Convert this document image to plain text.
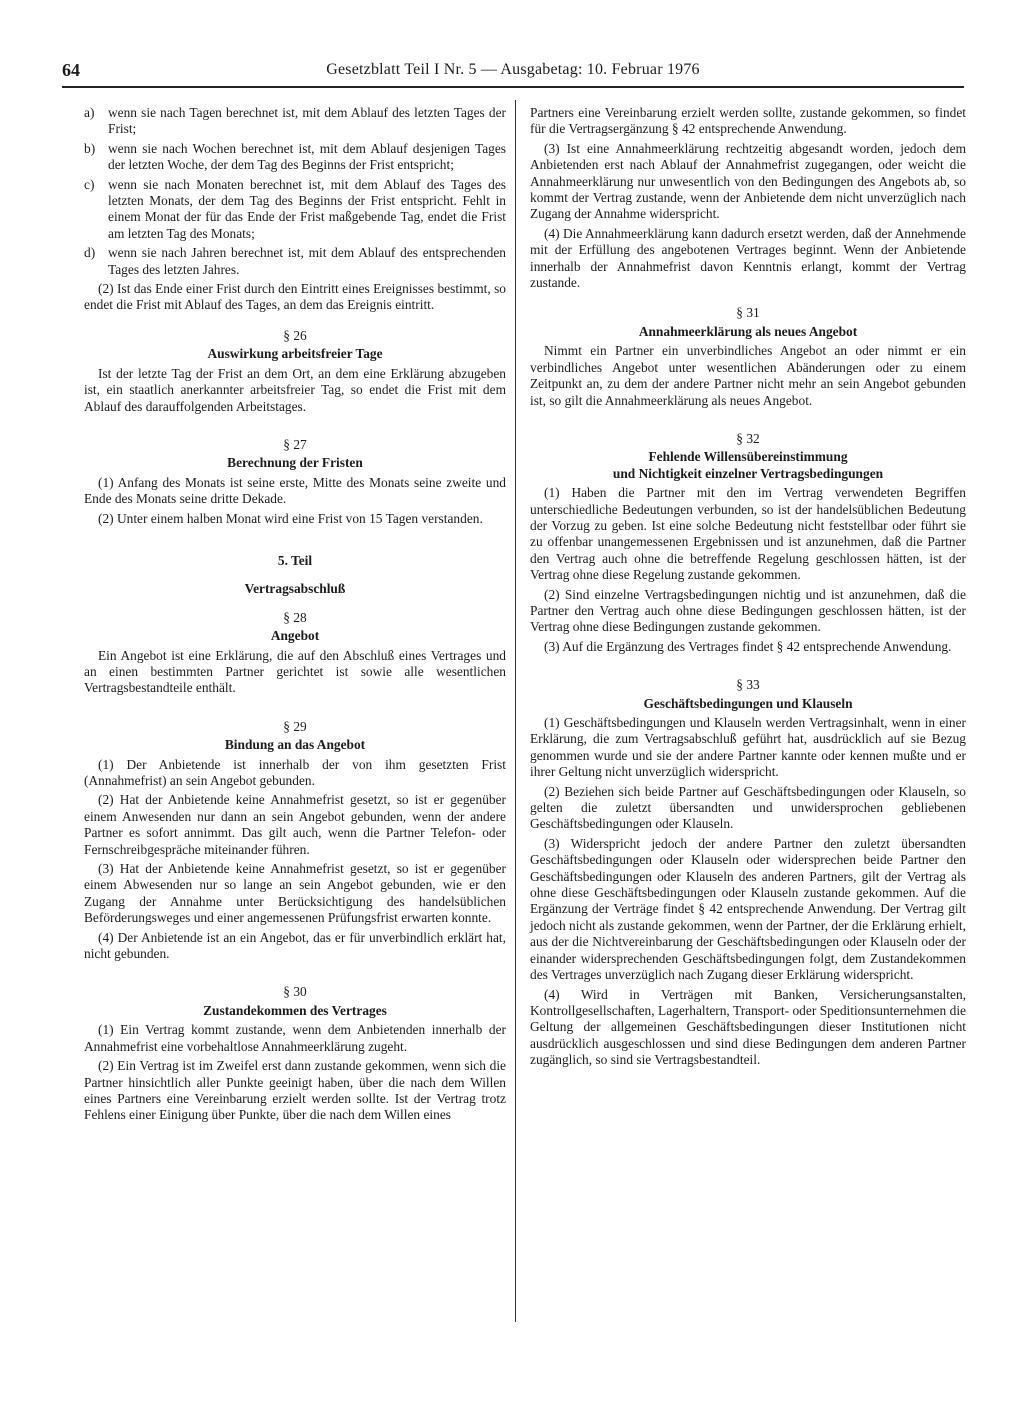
64	Gesetzblatt Teil I Nr. 5 — Ausgabetag: 10. Februar 1976
a)	wenn sie nach Tagen berechnet ist, mit dem Ablauf des letzten Tages der Frist;
b) wenn sie nach Wochen berechnet ist, mit dem Ablauf desjenigen Tages der letzten Woche, der dem Tag des Beginns der Frist entspricht;
c)	wenn sie nach Monaten berechnet ist, mit dem Ablauf des Tages des letzten Monats, der dem Tag des Beginns der Frist entspricht. Fehlt in einem Monat der für das Ende der Frist maßgebende Tag, endet die Frist am letzten Tag des Monats;
d) wenn sie nach Jahren berechnet ist, mit dem Ablauf des entsprechenden Tages des letzten Jahres.

(2) Ist das Ende einer Frist durch den Eintritt eines Ereignisses bestimmt, so endet die Frist mit Ablauf des Tages, an dem das Ereignis eintritt.

§ 26
Auswirkung arbeitsfreier Tage

Ist der letzte Tag der Frist an dem Ort, an dem eine Erklärung abzugeben ist, ein staatlich anerkannter arbeitsfreier Tag, so endet die Frist mit dem Ablauf des darauffolgenden Arbeitstages.

§ 27
Berechnung der Fristen

(1) Anfang des Monats ist seine erste, Mitte des Monats seine zweite und Ende des Monats seine dritte Dekade.

(2) Unter einem halben Monat wird eine Frist von 15 Tagen verstanden.

5. Teil
Vertragsabschluß
§ 28
Angebot

Ein Angebot ist eine Erklärung, die auf den Abschluß eines Vertrages und an einen bestimmten Partner gerichtet ist sowie alle wesentlichen Vertragsbestandteile enthält.

§ 29
Bindung an das Angebot

(1) Der Anbietende ist innerhalb der von ihm gesetzten Frist (Annahmefrist) an sein Angebot gebunden.

(2) Hat der Anbietende keine Annahmefrist gesetzt, so ist er gegenüber einem Anwesenden nur dann an sein Angebot gebunden, wenn der andere Partner es sofort annimmt. Das gilt auch, wenn die Partner Telefon- oder Fernschreibgespräche miteinander führen.

(3) Hat der Anbietende keine Annahmefrist gesetzt, so ist er gegenüber einem Abwesenden nur so lange an sein Angebot gebunden, wie er den Zugang der Annahme unter Berücksichtigung des handelsüblichen Beförderungsweges und einer angemessenen Prüfungsfrist erwarten konnte.

(4) Der Anbietende ist an ein Angebot, das er für unverbindlich erklärt hat, nicht gebunden.

§ 30
Zustandekommen des Vertrages

(1) Ein Vertrag kommt zustande, wenn dem Anbietenden innerhalb der Annahmefrist eine vorbehaltlose Annahmeerklärung zugeht.

(2) Ein Vertrag ist im Zweifel erst dann zustande gekommen, wenn sich die Partner hinsichtlich aller Punkte geeinigt haben, über die nach dem Willen eines Partners eine Vereinbarung erzielt werden sollte. Ist der Vertrag trotz Fehlens einer Einigung über Punkte, über die nach dem Willen eines

Partners eine Vereinbarung erzielt werden sollte, zustande gekommen, so findet für die Vertragsergänzung § 42 entsprechende Anwendung.

(3) Ist eine Annahmeerklärung rechtzeitig abgesandt worden, jedoch dem Anbietenden erst nach Ablauf der Annahmefrist zugegangen, oder weicht die Annahmeerklärung nur unwesentlich von den Bedingungen des Angebots ab, so kommt der Vertrag zustande, wenn der Anbietende dem nicht unverzüglich nach Zugang der Annahme widerspricht.

(4) Die Annahmeerklärung kann dadurch ersetzt werden, daß der Annehmende mit der Erfüllung des angebotenen Vertrages beginnt. Wenn der Anbietende innerhalb der Annahmefrist davon Kenntnis erlangt, kommt der Vertrag zustande.

§ 31
Annahmeerklärung als neues Angebot

Nimmt ein Partner ein unverbindliches Angebot an oder nimmt er ein verbindliches Angebot unter wesentlichen Abänderungen oder zu einem Zeitpunkt an, zu dem der andere Partner nicht mehr an sein Angebot gebunden ist, so gilt die Annahmeerklärung als neues Angebot.

§ 32
Fehlende Willensübereinstimmung
und Nichtigkeit einzelner Vertragsbedingungen

(1) Haben die Partner mit den im Vertrag verwendeten Begriffen unterschiedliche Bedeutungen verbunden, so ist der handelsüblichen Bedeutung der Vorzug zu geben. Ist eine solche Bedeutung nicht feststellbar oder führt sie zu offenbar unangemessenen Ergebnissen und ist anzunehmen, daß die Partner den Vertrag auch ohne die betreffende Regelung geschlossen hätten, ist der Vertrag ohne diese Regelung zustande gekommen.

(2) Sind einzelne Vertragsbedingungen nichtig und ist anzunehmen, daß die Partner den Vertrag auch ohne diese Bedingungen geschlossen hätten, ist der Vertrag ohne diese Bedingungen zustande gekommen.

(3) Auf die Ergänzung des Vertrages findet § 42 entsprechende Anwendung.

§ 33
Geschäftsbedingungen und Klauseln

(1) Geschäftsbedingungen und Klauseln werden Vertragsinhalt, wenn in einer Erklärung, die zum Vertragsabschluß geführt hat, ausdrücklich auf sie Bezug genommen wurde und sie der andere Partner kannte oder kennen mußte und er ihrer Geltung nicht unverzüglich widerspricht.

(2) Beziehen sich beide Partner auf Geschäftsbedingungen oder Klauseln, so gelten die zuletzt übersandten und unwidersprochen gebliebenen Geschäftsbedingungen oder Klauseln.

(3) Widerspricht jedoch der andere Partner den zuletzt übersandten Geschäftsbedingungen oder Klauseln oder widersprechen beide Partner den Geschäftsbedingungen oder Klauseln des anderen Partners, gilt der Vertrag als ohne diese Geschäftsbedingungen oder Klauseln zustande gekommen. Auf die Ergänzung der Verträge findet § 42 entsprechende Anwendung. Der Vertrag gilt jedoch nicht als zustande gekommen, wenn der Partner, der die Erklärung erhielt, aus der die Nichtvereinbarung der Geschäftsbedingungen oder Klauseln oder der einander widersprechenden Geschäftsbedingungen folgt, dem Zustandekommen des Vertrages unverzüglich nach Zugang dieser Erklärung widerspricht.

(4) Wird in Verträgen mit Banken, Versicherungsanstalten, Kontrollgesellschaften, Lagerhaltern, Transport- oder Speditionsunternehmen die Geltung der allgemeinen Geschäftsbedingungen dieser Institutionen nicht ausdrücklich ausgeschlossen und sind diese Bedingungen dem anderen Partner zugänglich, so sind sie Vertragsbestandteil.
